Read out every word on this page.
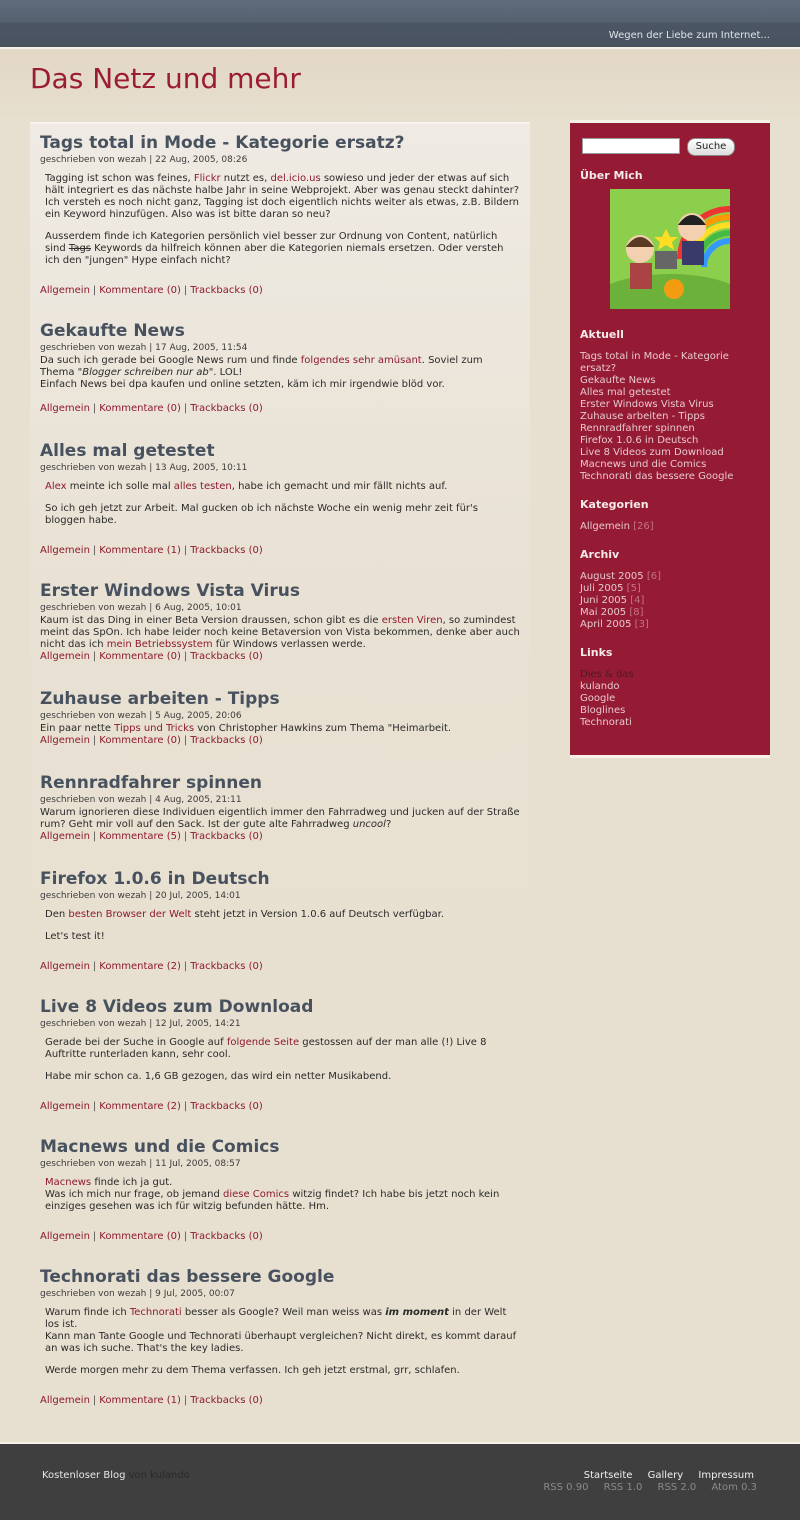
Wegen der Liebe zum Internet...
Das Netz und mehr
Tags total in Mode - Kategorie ersatz?
geschrieben von wezah | 22 Aug, 2005, 08:26

Tagging ist schon was feines, Flickr nutzt es, del.icio.us sowieso und jeder der etwas auf sich hält integriert es das nächste halbe Jahr in seine Webprojekt. Aber was genau steckt dahinter? Ich versteh es noch nicht ganz, Tagging ist doch eigentlich nichts weiter als etwas, z.B. Bildern ein Keyword hinzufügen. Also was ist bitte daran so neu?

Ausserdem finde ich Kategorien persönlich viel besser zur Ordnung von Content, natürlich sind Tags Keywords da hilfreich können aber die Kategorien niemals ersetzen. Oder versteh ich den "jungen" Hype einfach nicht?

Allgemein | Kommentare (0) | Trackbacks (0)
Gekaufte News
geschrieben von wezah | 17 Aug, 2005, 11:54

Da such ich gerade bei Google News rum und finde folgendes sehr amüsant. Soviel zum Thema "Blogger schreiben nur ab". LOL!

Einfach News bei dpa kaufen und online setzten, käm ich mir irgendwie blöd vor.

Allgemein | Kommentare (0) | Trackbacks (0)
Alles mal getestet
geschrieben von wezah | 13 Aug, 2005, 10:11

Alex meinte ich solle mal alles testen, habe ich gemacht und mir fällt nichts auf.

So ich geh jetzt zur Arbeit. Mal gucken ob ich nächste Woche ein wenig mehr zeit für's bloggen habe.

Allgemein | Kommentare (1) | Trackbacks (0)
Erster Windows Vista Virus
geschrieben von wezah | 6 Aug, 2005, 10:01

Kaum ist das Ding in einer Beta Version draussen, schon gibt es die ersten Viren, so zumindest meint das SpOn. Ich habe leider noch keine Betaversion von Vista bekommen, denke aber auch nicht das ich mein Betriebssystem für Windows verlassen werde.

Allgemein | Kommentare (0) | Trackbacks (0)
Zuhause arbeiten - Tipps
geschrieben von wezah | 5 Aug, 2005, 20:06

Ein paar nette Tipps und Tricks von Christopher Hawkins zum Thema "Heimarbeit.

Allgemein | Kommentare (0) | Trackbacks (0)
Rennradfahrer spinnen
geschrieben von wezah | 4 Aug, 2005, 21:11

Warum ignorieren diese Individuen eigentlich immer den Fahrradweg und jucken auf der Straße rum? Geht mir voll auf den Sack. Ist der gute alte Fahrradweg uncool?

Allgemein | Kommentare (5) | Trackbacks (0)
Firefox 1.0.6 in Deutsch
geschrieben von wezah | 20 Jul, 2005, 14:01

Den besten Browser der Welt steht jetzt in Version 1.0.6 auf Deutsch verfügbar.

Let's test it!

Allgemein | Kommentare (2) | Trackbacks (0)
Live 8 Videos zum Download
geschrieben von wezah | 12 Jul, 2005, 14:21

Gerade bei der Suche in Google auf folgende Seite gestossen auf der man alle (!) Live 8 Auftritte runterladen kann, sehr cool.

Habe mir schon ca. 1,6 GB gezogen, das wird ein netter Musikabend.

Allgemein | Kommentare (2) | Trackbacks (0)
Macnews und die Comics
geschrieben von wezah | 11 Jul, 2005, 08:57

Macnews finde ich ja gut.
Was ich mich nur frage, ob jemand diese Comics witzig findet? Ich habe bis jetzt noch kein einziges gesehen was ich für witzig befunden hätte. Hm.

Allgemein | Kommentare (0) | Trackbacks (0)
Technorati das bessere Google
geschrieben von wezah | 9 Jul, 2005, 00:07

Warum finde ich Technorati besser als Google? Weil man weiss was im moment in der Welt los ist.
Kann man Tante Google und Technorati überhaupt vergleichen? Nicht direkt, es kommt darauf an was ich suche. That's the key ladies.

Werde morgen mehr zu dem Thema verfassen. Ich geh jetzt erstmal, grr, schlafen.

Allgemein | Kommentare (1) | Trackbacks (0)
Suche
Über Mich
Aktuell
Tags total in Mode - Kategorie ersatz?
Gekaufte News
Alles mal getestet
Erster Windows Vista Virus
Zuhause arbeiten - Tipps
Rennradfahrer spinnen
Firefox 1.0.6 in Deutsch
Live 8 Videos zum Download
Macnews und die Comics
Technorati das bessere Google
Kategorien
Allgemein [26]
Archiv
August 2005 [6]
Juli 2005 [5]
Juni 2005 [4]
Mai 2005 [8]
April 2005 [3]
Links
Dies & das
kulando
Google
Bloglines
Technorati
Kostenloser Blog von kulando	Startseite Gallery Impressum
RSS 0.90 RSS 1.0 RSS 2.0 Atom 0.3
